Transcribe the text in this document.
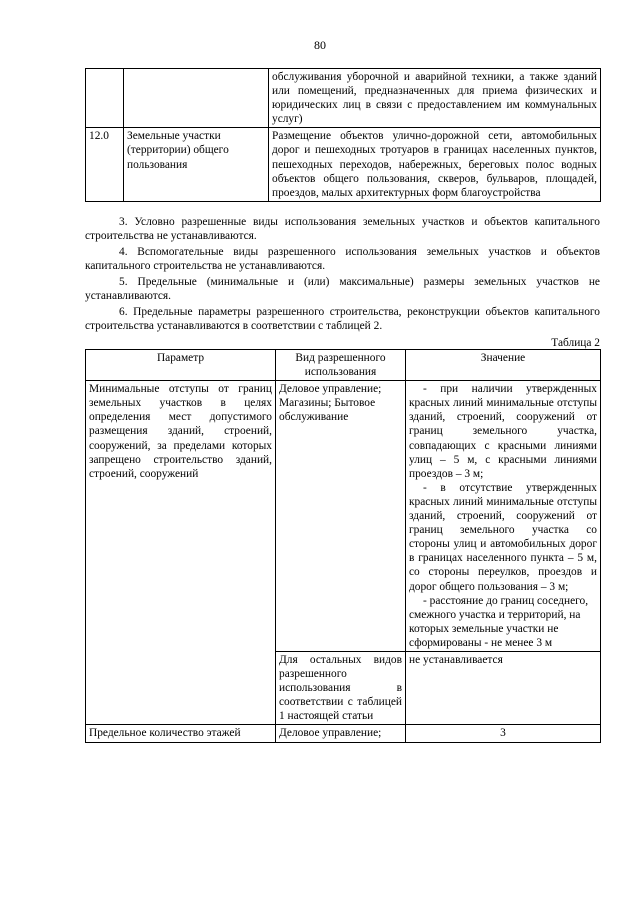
80
		обслуживания уборочной и аварийной техники, а также зданий или помещений, предназначенных для приема физических и юридических лиц в связи с предоставлением им коммунальных услуг)
12.0	Земельные участки (территории) общего пользования	Размещение объектов улично-дорожной сети, автомобильных дорог и пешеходных тротуаров в границах населенных пунктов, пешеходных переходов, набережных, береговых полос водных объектов общего пользования, скверов, бульваров, площадей, проездов, малых архитектурных форм благоустройства
3. Условно разрешенные виды использования земельных участков и объектов капитального строительства не устанавливаются.
4. Вспомогательные виды разрешенного использования земельных участков и объектов капитального строительства не устанавливаются.
5. Предельные (минимальные и (или) максимальные) размеры земельных участков не устанавливаются.
6. Предельные параметры разрешенного строительства, реконструкции объектов капитального строительства устанавливаются в соответствии с таблицей 2.
Таблица 2
Параметр	Вид разрешенного использования	Значение
Минимальные отступы от границ земельных участков в целях определения мест допустимого размещения зданий, строений, сооружений, за пределами которых запрещено строительство зданий, строений, сооружений	Деловое управление; Магазины; Бытовое обслуживание	- при наличии утвержденных красных линий минимальные отступы зданий, строений, сооружений от границ земельного участка, совпадающих с красными линиями улиц – 5 м, с красными линиями проездов – 3 м;
- в отсутствие утвержденных красных линий минимальные отступы зданий, строений, сооружений от границ земельного участка со стороны улиц и автомобильных дорог в границах населенного пункта – 5 м, со стороны переулков, проездов и дорог общего пользования – 3 м;
- расстояние до границ соседнего, смежного участка и территорий, на которых земельные участки не сформированы - не менее 3 м

	Для остальных видов разрешенного использования в соответствии с таблицей 1 настоящей статьи	не устанавливается
Предельное количество этажей	Деловое управление;	3
